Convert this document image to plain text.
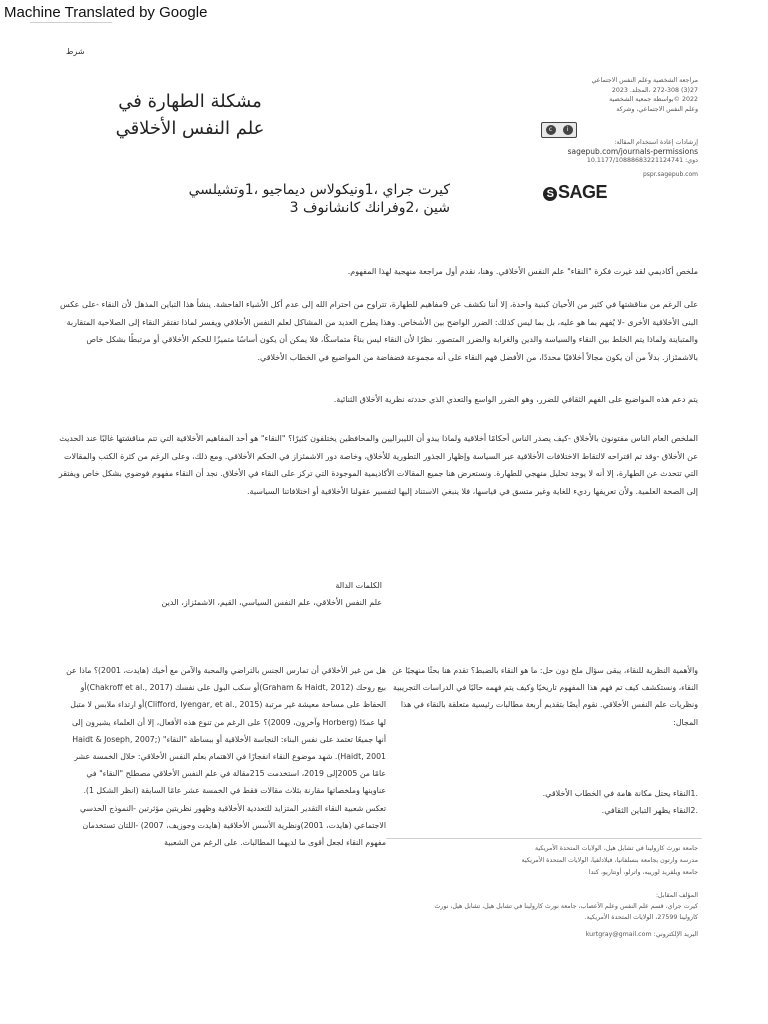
Machine Translated by Google
شرط
مراجعة الشخصية وعلم النفس الاجتماعي
27(3) 272-308 ،المجلد. 2023
2022 ©بواسطة جمعية الشخصية
وعلم النفس الاجتماعي، وشركة
مشكلة الطهارة في
علم النفس الأخلاقي	c	i
إرشادات إعادة استخدام المقالة:
sagepub.com/journals-permissions
دوي: 10.1177/10888683221124741
pspr.sagepub.com
كيرت جراي ،1ونيكولاس ديماجيو ،1وتشيلسي شين ،2وفرانك كانشانوف 3
S SAGE
ملخص أكاديمي لقد غيرت فكرة "النقاء" علم النفس الأخلاقي. وهنا، نقدم أول مراجعة منهجية لهذا المفهوم.
على الرغم من مناقشتها في كثير من الأحيان كبنية واحدة، إلا أننا نكشف عن 9مفاهيم للطهارة، تتراوح من احترام الله إلى عدم أكل الأشياء الفاحشة. ينشأ هذا التباين المذهل لأن النقاء -على عكس البنى الأخلاقية الأخرى -لا يُفهم بما هو عليه، بل بما ليس كذلك: الضرر الواضح بين الأشخاص. وهذا يطرح العديد من المشاكل لعلم النفس الأخلاقي ويفسر لماذا تفتقر النقاء إلى الصلاحية المتقاربة والمتباينة ولماذا يتم الخلط بين النقاء والسياسة والدين والغرابة والضرر المتصور. نظرًا لأن النقاء ليس بناءً متماسكًا، فلا يمكن أن يكون أساسًا متميزًا للحكم الأخلاقي أو مرتبطًا بشكل خاص بالاشمئزاز. بدلاً من أن يكون مجالاً أخلاقيًا محددًا، من الأفضل فهم النقاء على أنه مجموعة فضفاضة من المواضيع في الخطاب الأخلاقي.
يتم دعم هذه المواضيع على الفهم الثقافي للضرر، وهو الضرر الواسع والتعدي الذي حددته نظرية الأخلاق الثنائية.
الملخص العام الناس مفتونون بالأخلاق -كيف يصدر الناس أحكامًا أخلاقية ولماذا يبدو أن الليبراليين والمحافظين يختلفون كثيرًا؟ "النقاء" هو أحد المفاهيم الأخلاقية التي تتم مناقشتها غالبًا عند الحديث عن الأخلاق -وقد تم اقتراحه لالتقاط الاختلافات الأخلاقية عبر السياسة وإظهار الجذور التطورية للأخلاق، وخاصة دور الاشمئزاز في الحكم الأخلاقي. ومع ذلك، وعلى الرغم من كثرة الكتب والمقالات التي تتحدث عن الطهارة، إلا أنه لا يوجد تحليل منهجي للطهارة. ونستعرض هنا جميع المقالات الأكاديمية الموجودة التي تركز على النقاء في الأخلاق. نجد أن النقاء مفهوم فوضوي بشكل خاص ويفتقر إلى الصحة العلمية. ولأن تعريفها رديء للغاية وغير متسق في قياسها، فلا ينبغي الاستناد إليها لتفسير عقولنا الأخلاقية أو اختلافاتنا السياسية.
الكلمات الدالة
علم النفس الأخلاقي، علم النفس السياسي، القيم، الاشمئزاز، الدين
هل من غير الأخلاقي أن تمارس الجنس بالتراضي والمحبة والآمن مع أخيك (هايدت، 2001)؟ ماذا عن بيع روحك (Graham & Haidt, 2012)أو سكب البول على نفسك (Chakroff et al., 2017)أو الحفاظ على مساحة معيشة غير مرتبة (Clifford, Iyengar, et al., 2015)أو ارتداء ملابس لا متبل لها عمدًا (Horberg وآخرون، 2009)؟ على الرغم من تنوع هذه الأفعال، إلا أن العلماء يشيرون إلى أنها جميعًا تعتمد على نفس البناء: النجاسة الأخلاقية أو ببساطة "النقاء" (Haidt & Joseph, 2007; Haidt, 2001). شهد موضوع النقاء انفجارًا في الاهتمام بعلم النفس الأخلاقي: خلال الخمسة عشر عامًا من 2005إلى 2019، استخدمت 215مقالة في علم النفس الأخلاقي مصطلح "النقاء" في عناوينها وملخصاتها مقارنة بثلاث مقالات فقط في الخمسة عشر عامًا السابقة (انظر الشكل 1). تعكس شعبية النقاء التقدير المتزايد للتعددية الأخلاقية وظهور نظريتين مؤثرتين -النموذج الحدسي الاجتماعي (هايدت، 2001)ونظرية الأسس الأخلاقية (هايدت وجوزيف، 2007) -اللتان تستخدمان مفهوم النقاء لجعل أقوى ما لديهما المطالبات. على الرغم من الشعبية
والأهمية النظرية للنقاء، يبقى سؤال ملح دون حل: ما هو النقاء بالضبط؟ تقدم هنا بحثًا منهجيًا عن النقاء، ونستكشف كيف تم فهم هذا المفهوم تاريخيًا وكيف يتم فهمه حاليًا في الدراسات التجريبية ونظريات علم النفس الأخلاقي. نقوم أيضًا بتقديم أربعة مطالبات رئيسية متعلقة بالنقاء في هذا المجال:
.1النقاء يحتل مكانة هامة في الخطاب الأخلاقي.
.2النقاء يظهر التباين الثقافي.
جامعة نورث كارولينا في تشابل هيل، الولايات المتحدة الأمريكية
مدرسة وارتون بجامعة بنسلفانيا، فيلادلفيا، الولايات المتحدة الأمريكية
جامعة ويلفريد لورييه، واترلو، أونتاريو، كندا
المؤلف المقابل:
كيرت جراي، قسم علم النفس وعلم الأعصاب، جامعة نورث كارولينا في تشابل هيل، تشابل هيل، نورث
كارولينا 27599، الولايات المتحدة الأمريكية.
البريد الإلكتروني: kurtgray@gmail.com
